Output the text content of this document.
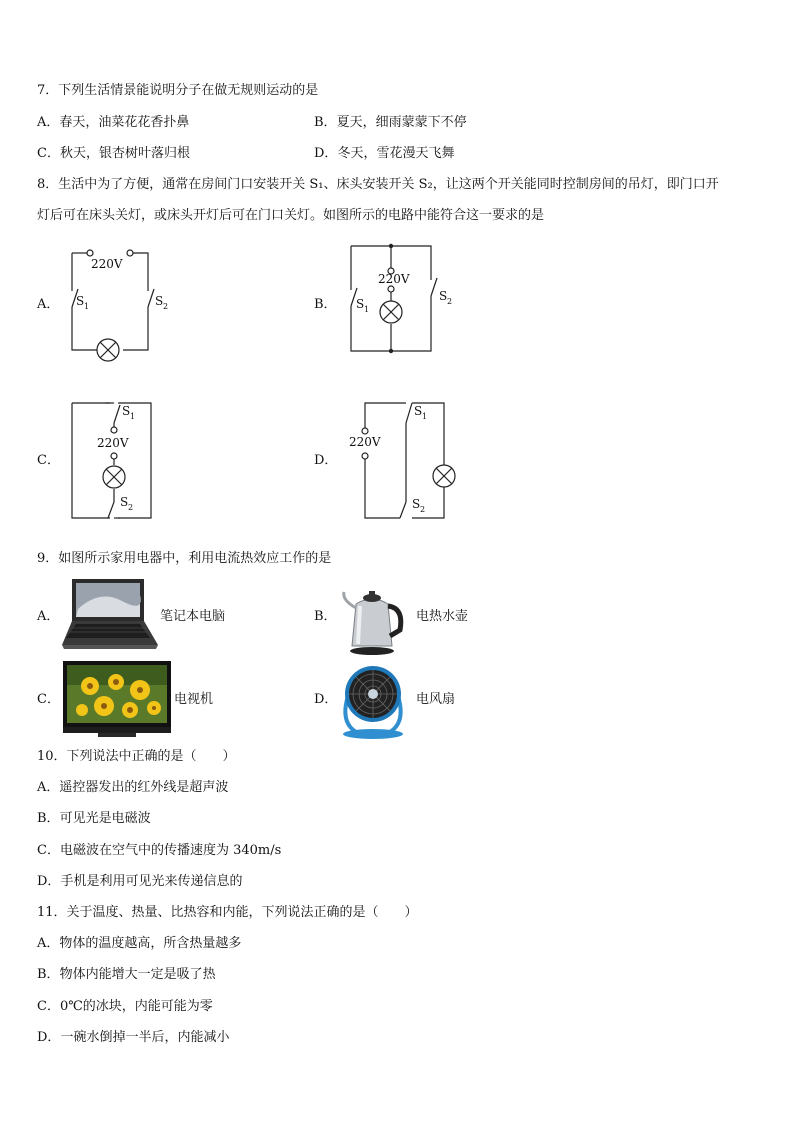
7．下列生活情景能说明分子在做无规则运动的是
A．春天，油菜花花香扑鼻	B．夏天，细雨蒙蒙下不停
C．秋天，银杏树叶落归根	D．冬天，雪花漫天飞舞
8．生活中为了方便，通常在房间门口安装开关 S₁、床头安装开关 S₂，让这两个开关能同时控制房间的吊灯，即门口开
灯后可在床头关灯，或床头开灯后可在门口关灯。如图所示的电路中能符合这一要求的是
A．	B．
C．	D．
220V
S 1	S 2
220V
S 1
S 2
S 1
220V
S 2
220V
S 1
S 2
9．如图所示家用电器中，利用电流热效应工作的是
A．	笔记本电脑	B．	电热水壶
C．	电视机	D．	电风扇
10．下列说法中正确的是（　　）
A．遥控器发出的红外线是超声波
B．可见光是电磁波
C．电磁波在空气中的传播速度为 340m/s
D．手机是利用可见光来传递信息的
11．关于温度、热量、比热容和内能，下列说法正确的是（　　）
A．物体的温度越高，所含热量越多
B．物体内能增大一定是吸了热
C．0℃的冰块，内能可能为零
D．一碗水倒掉一半后，内能减小
